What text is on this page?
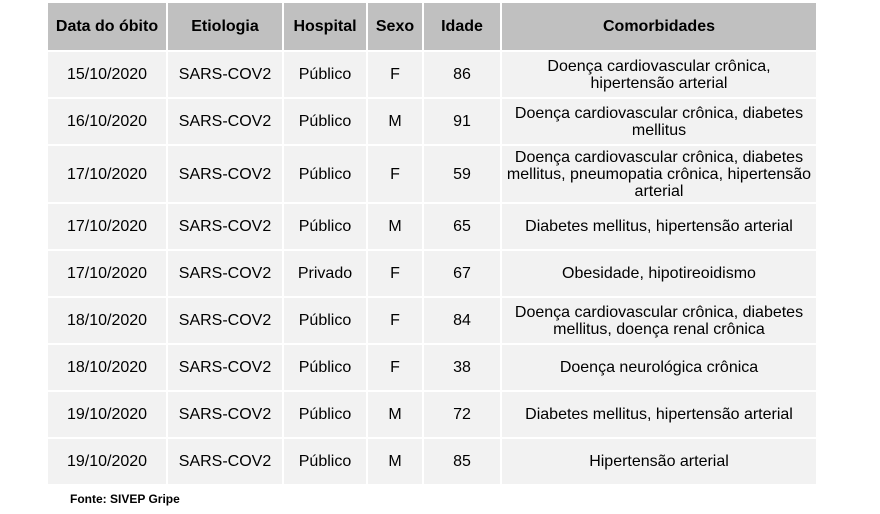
Data do óbito	Etiologia	Hospital	Sexo	Idade	Comorbidades
15/10/2020	SARS-COV2	Público	F	86	Doença cardiovascular crônica, hipertensão arterial
16/10/2020	SARS-COV2	Público	M	91	Doença cardiovascular crônica, diabetes mellitus
17/10/2020	SARS-COV2	Público	F	59	Doença cardiovascular crônica, diabetes mellitus, pneumopatia crônica, hipertensão arterial
17/10/2020	SARS-COV2	Público	M	65	Diabetes mellitus, hipertensão arterial
17/10/2020	SARS-COV2	Privado	F	67	Obesidade, hipotireoidismo
18/10/2020	SARS-COV2	Público	F	84	Doença cardiovascular crônica, diabetes mellitus, doença renal crônica
18/10/2020	SARS-COV2	Público	F	38	Doença neurológica crônica
19/10/2020	SARS-COV2	Público	M	72	Diabetes mellitus, hipertensão arterial
19/10/2020	SARS-COV2	Público	M	85	Hipertensão arterial
Fonte: SIVEP Gripe
